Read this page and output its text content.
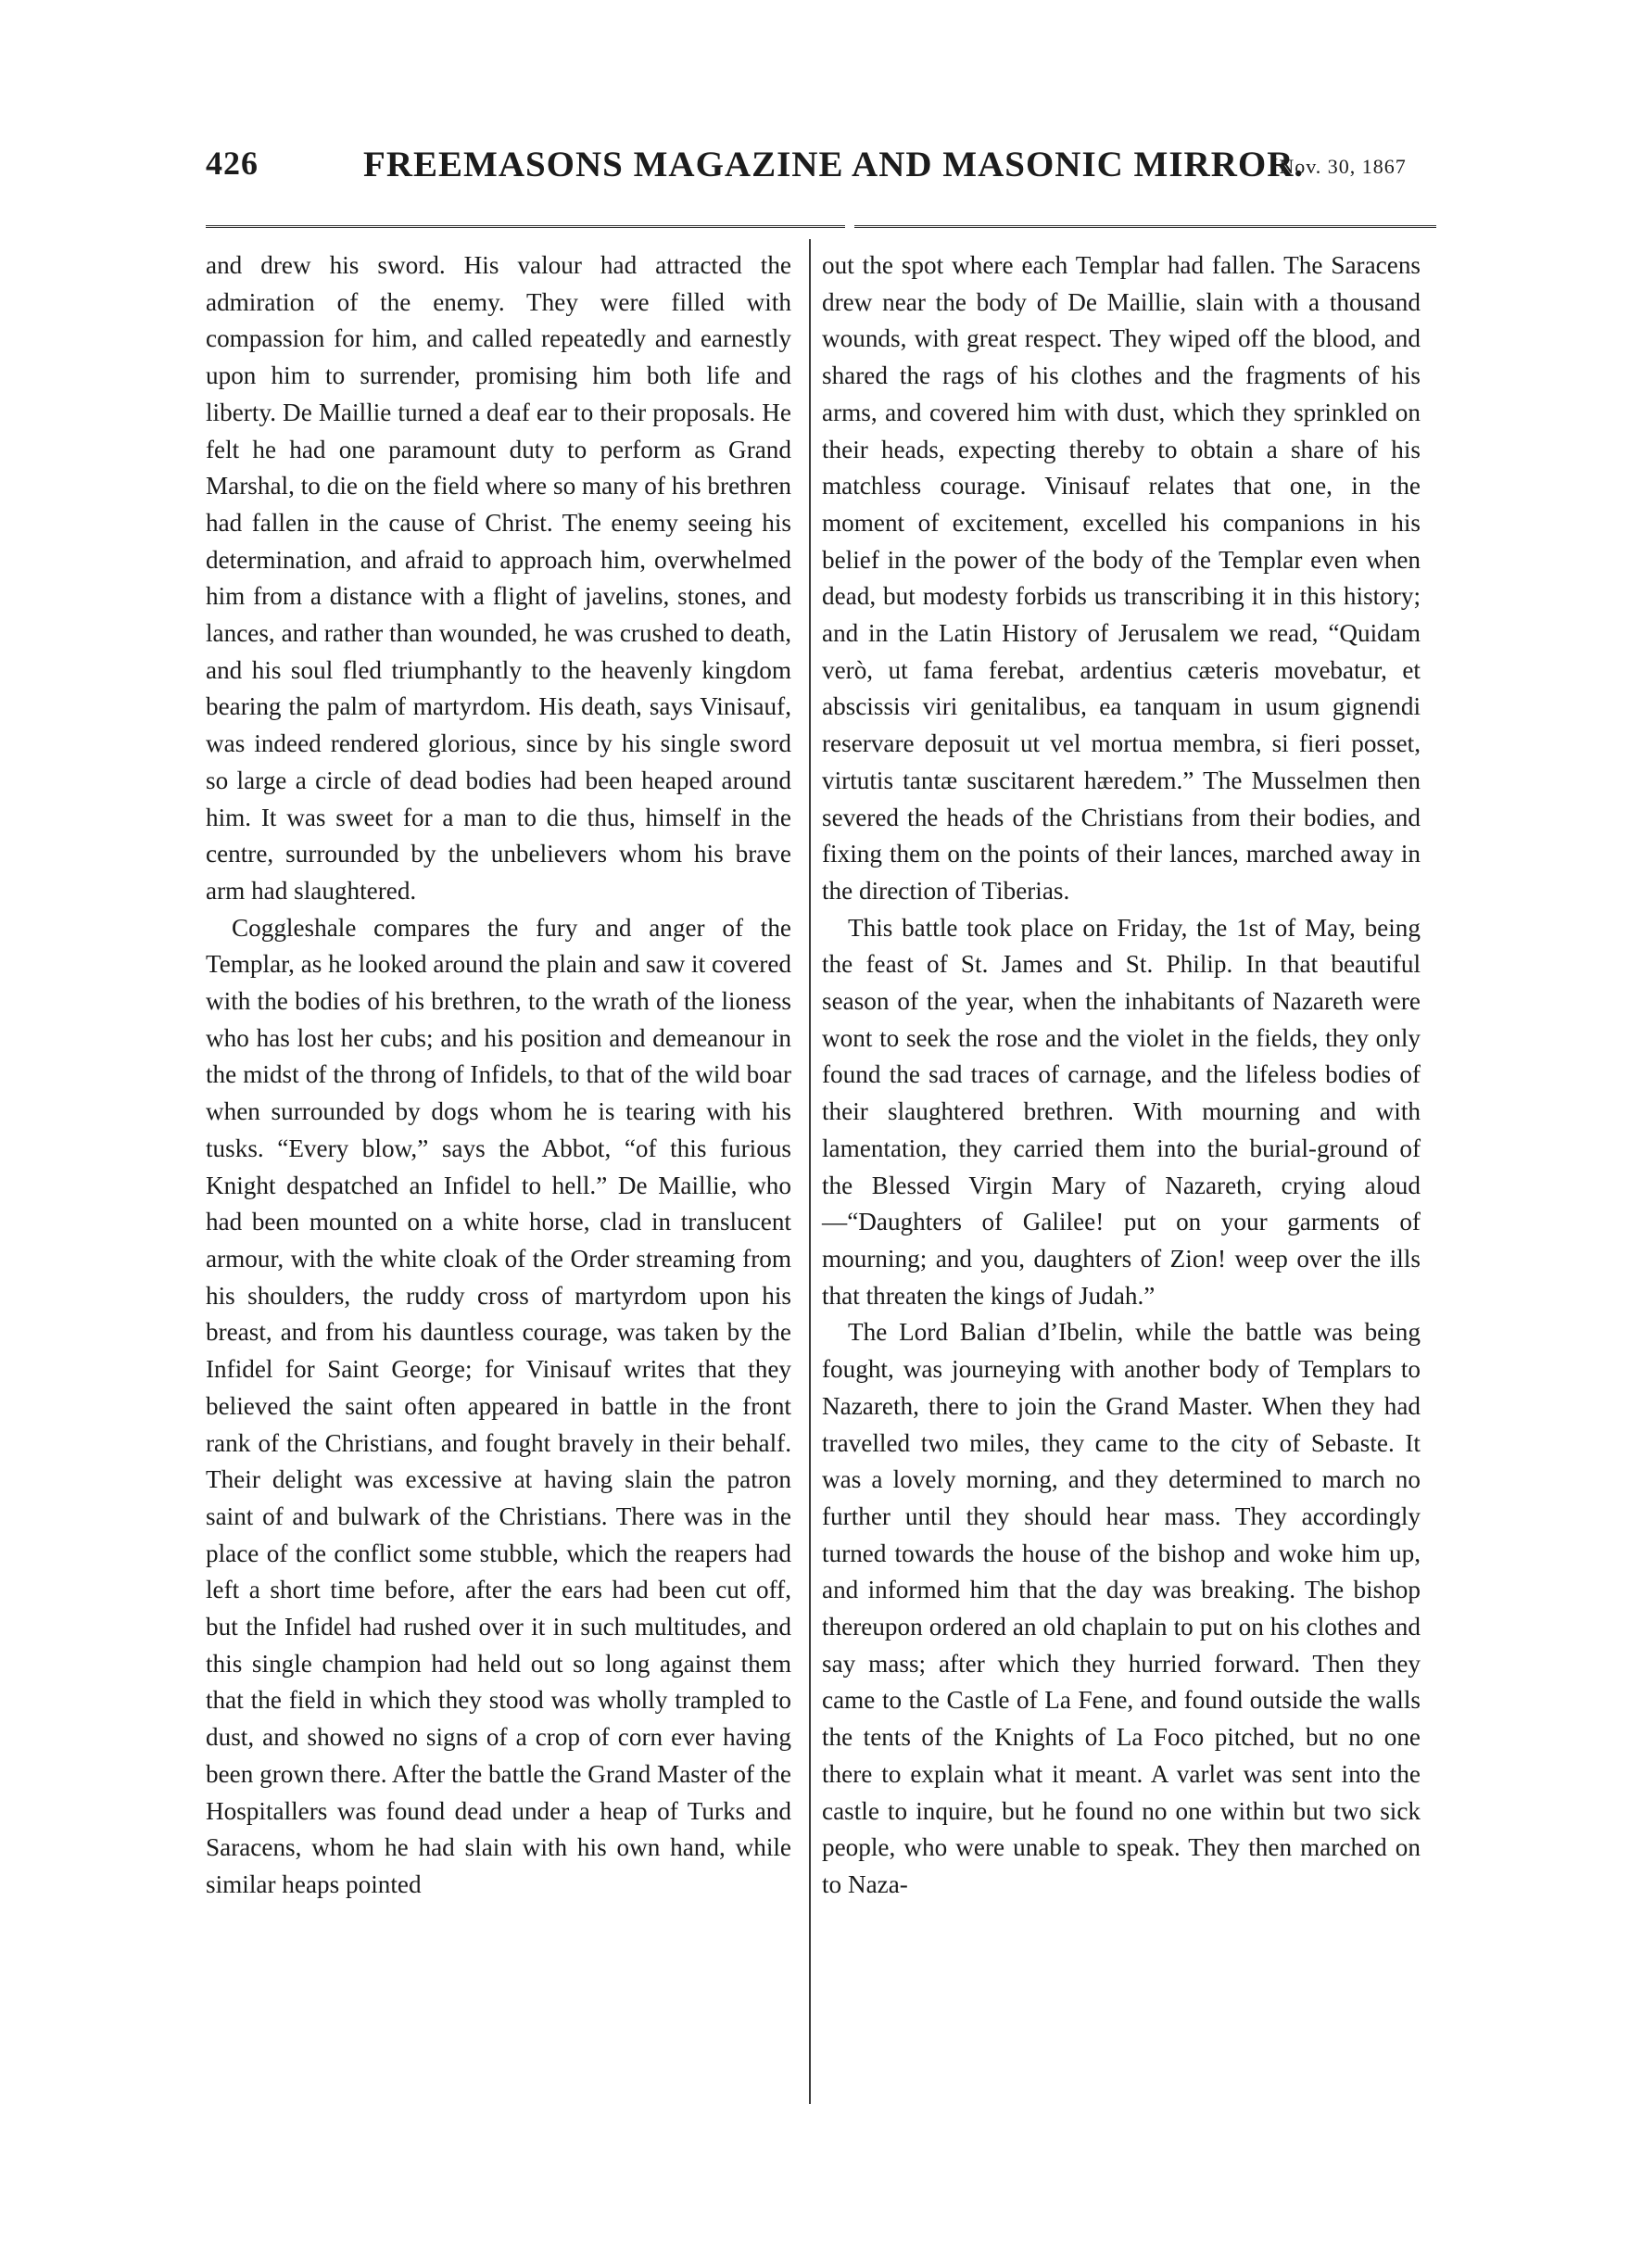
426	FREEMASONS MAGAZINE AND MASONIC MIRROR.
[Nov. 30, 1867

and drew his sword. His valour had attracted the admiration of the enemy. They were filled with compassion for him, and called repeatedly and earnestly upon him to surrender, promising him both life and liberty. De Maillie turned a deaf ear to their proposals. He felt he had one paramount duty to perform as Grand Marshal, to die on the field where so many of his brethren had fallen in the cause of Christ. The enemy seeing his determination, and afraid to approach him, overwhelmed him from a distance with a flight of javelins, stones, and lances, and rather than wounded, he was crushed to death, and his soul fled triumphantly to the heavenly kingdom bearing the palm of martyrdom. His death, says Vinisauf, was indeed rendered glorious, since by his single sword so large a circle of dead bodies had been heaped around him. It was sweet for a man to die thus, himself in the centre, surrounded by the unbelievers whom his brave arm had slaughtered.

Coggleshale compares the fury and anger of the Templar, as he looked around the plain and saw it covered with the bodies of his brethren, to the wrath of the lioness who has lost her cubs; and his position and demeanour in the midst of the throng of Infidels, to that of the wild boar when surrounded by dogs whom he is tearing with his tusks. “Every blow,” says the Abbot, “of this furious Knight despatched an Infidel to hell.” De Maillie, who had been mounted on a white horse, clad in translucent armour, with the white cloak of the Order streaming from his shoulders, the ruddy cross of martyrdom upon his breast, and from his dauntless courage, was taken by the Infidel for Saint George; for Vinisauf writes that they believed the saint often appeared in battle in the front rank of the Christians, and fought bravely in their behalf. Their delight was excessive at having slain the patron saint of and bulwark of the Christians. There was in the place of the conflict some stubble, which the reapers had left a short time before, after the ears had been cut off, but the Infidel had rushed over it in such multitudes, and this single champion had held out so long against them that the field in which they stood was wholly trampled to dust, and showed no signs of a crop of corn ever having been grown there. After the battle the Grand Master of the Hospitallers was found dead under a heap of Turks and Saracens, whom he had slain with his own hand, while similar heaps pointed

out the spot where each Templar had fallen. The Saracens drew near the body of De Maillie, slain with a thousand wounds, with great respect. They wiped off the blood, and shared the rags of his clothes and the fragments of his arms, and covered him with dust, which they sprinkled on their heads, expecting thereby to obtain a share of his matchless courage. Vinisauf relates that one, in the moment of excitement, excelled his companions in his belief in the power of the body of the Templar even when dead, but modesty forbids us transcribing it in this history; and in the Latin History of Jerusalem we read, “Quidam verò, ut fama ferebat, ardentius cæteris movebatur, et abscissis viri genitalibus, ea tanquam in usum gignendi reservare deposuit ut vel mortua membra, si fieri posset, virtutis tantæ suscitarent hæredem.” The Musselmen then severed the heads of the Christians from their bodies, and fixing them on the points of their lances, marched away in the direction of Tiberias.

This battle took place on Friday, the 1st of May, being the feast of St. James and St. Philip. In that beautiful season of the year, when the inhabitants of Nazareth were wont to seek the rose and the violet in the fields, they only found the sad traces of carnage, and the lifeless bodies of their slaughtered brethren. With mourning and with lamentation, they carried them into the burial-ground of the Blessed Virgin Mary of Nazareth, crying aloud—“Daughters of Galilee! put on your garments of mourning; and you, daughters of Zion! weep over the ills that threaten the kings of Judah.”

The Lord Balian d’Ibelin, while the battle was being fought, was journeying with another body of Templars to Nazareth, there to join the Grand Master. When they had travelled two miles, they came to the city of Sebaste. It was a lovely morning, and they determined to march no further until they should hear mass. They accordingly turned towards the house of the bishop and woke him up, and informed him that the day was breaking. The bishop thereupon ordered an old chaplain to put on his clothes and say mass; after which they hurried forward. Then they came to the Castle of La Fene, and found outside the walls the tents of the Knights of La Foco pitched, but no one there to explain what it meant. A varlet was sent into the castle to inquire, but he found no one within but two sick people, who were unable to speak. They then marched on to Naza-
